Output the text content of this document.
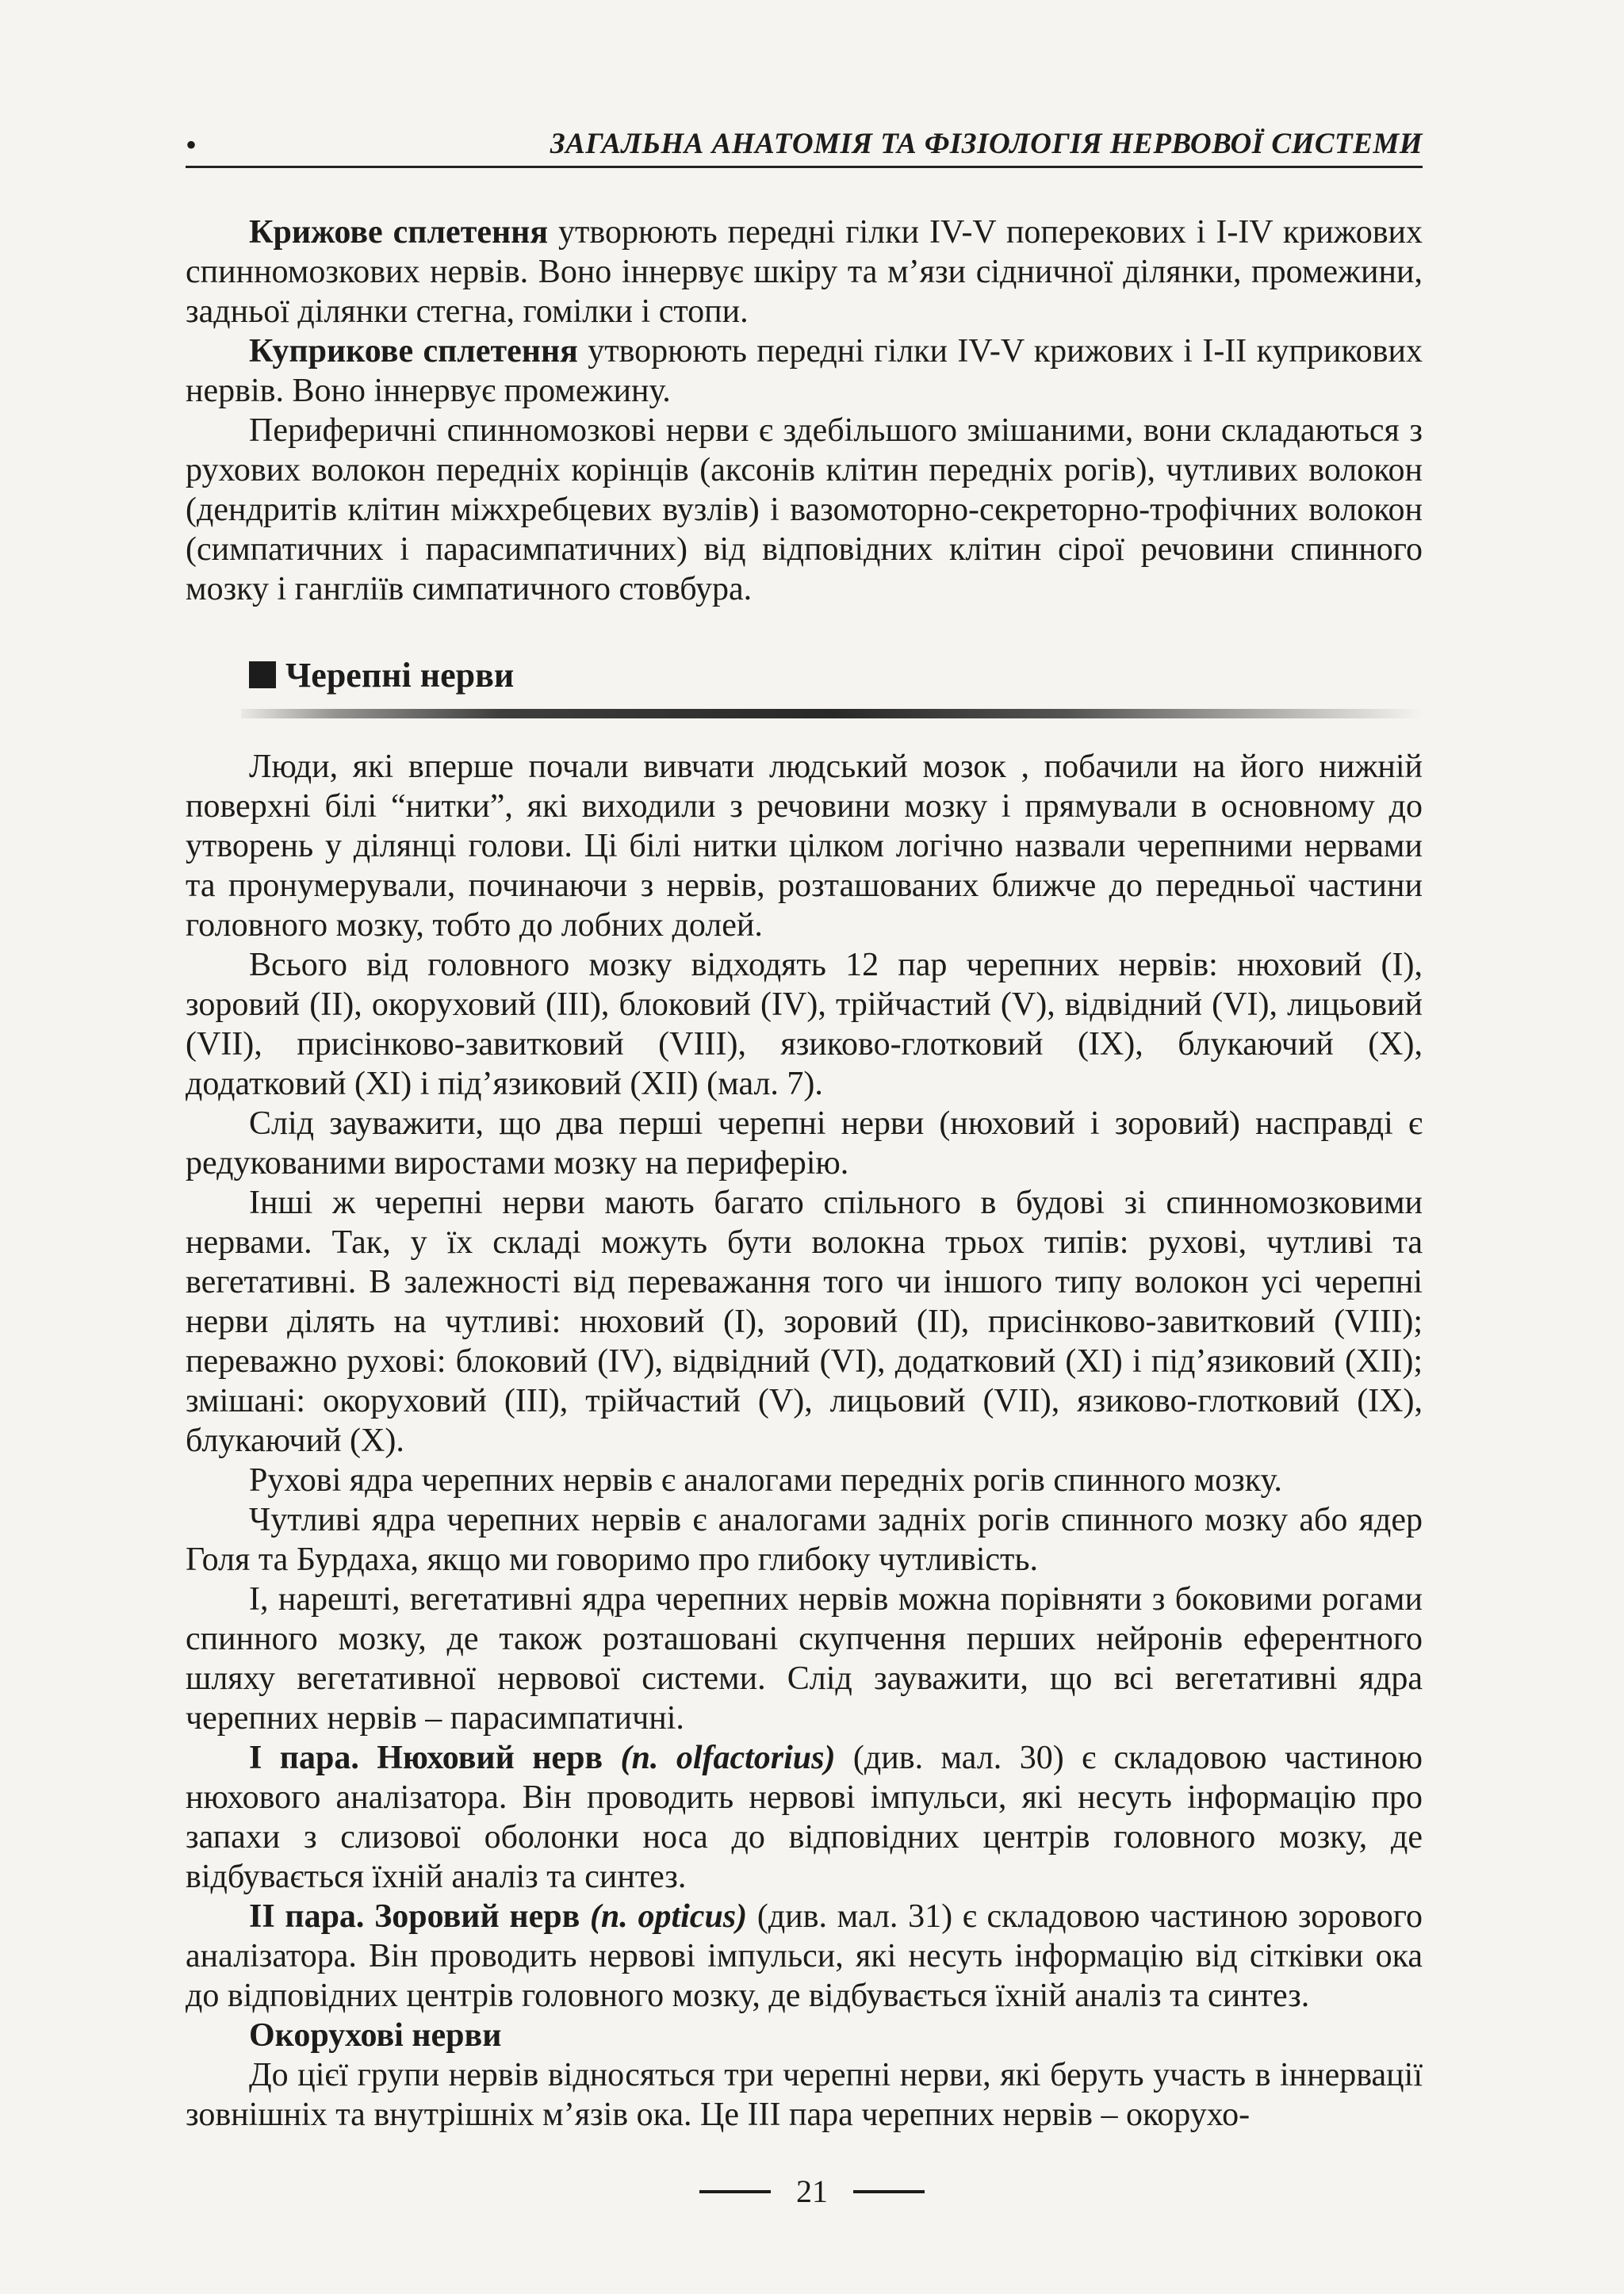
•	ЗАГАЛЬНА АНАТОМІЯ ТА ФІЗІОЛОГІЯ НЕРВОВОЇ СИСТЕМИ

Крижове сплетення утворюють передні гілки IV-V поперекових і I-IV крижових спинномозкових нервів. Воно іннервує шкіру та м’язи сідничної ділянки, промежини, задньої ділянки стегна, гомілки і стопи.

Куприкове сплетення утворюють передні гілки IV-V крижових і I-II куприкових нервів. Воно іннервує промежину.

Периферичні спинномозкові нерви є здебільшого змішаними, вони складаються з рухових волокон передніх корінців (аксонів клітин передніх рогів), чутливих волокон (дендритів клітин міжхребцевих вузлів) і вазомоторно-секреторно-трофічних волокон (симпатичних і парасимпатичних) від відповідних клітин сірої речовини спинного мозку і гангліїв симпатичного стовбура.

Черепні нерви

Люди, які вперше почали вивчати людський мозок , побачили на його нижній поверхні білі “нитки”, які виходили з речовини мозку і прямували в основному до утворень у ділянці голови. Ці білі нитки цілком логічно назвали черепними нервами та пронумерували, починаючи з нервів, розташованих ближче до передньої частини головного мозку, тобто до лобних долей.

Всього від головного мозку відходять 12 пар черепних нервів: нюховий (I), зоровий (II), окоруховий (III), блоковий (IV), трійчастий (V), відвідний (VI), лицьовий (VII), присінково-завитковий (VIII), язиково-глотковий (IX), блукаючий (X), додатковий (XI) і під’язиковий (XII) (мал. 7).

Слід зауважити, що два перші черепні нерви (нюховий і зоровий) насправді є редукованими виростами мозку на периферію.

Інші ж черепні нерви мають багато спільного в будові зі спинномозковими нервами. Так, у їх складі можуть бути волокна трьох типів: рухові, чутливі та вегетативні. В залежності від переважання того чи іншого типу волокон усі черепні нерви ділять на чутливі: нюховий (I), зоровий (II), присінково-завитковий (VIII); переважно рухові: блоковий (IV), відвідний (VI), додатковий (XI) і під’язиковий (XII); змішані: окоруховий (III), трійчастий (V), лицьовий (VII), язиково-глотковий (IX), блукаючий (X).

Рухові ядра черепних нервів є аналогами передніх рогів спинного мозку.

Чутливі ядра черепних нервів є аналогами задніх рогів спинного мозку або ядер Голя та Бурдаха, якщо ми говоримо про глибоку чутливість.

І, нарешті, вегетативні ядра черепних нервів можна порівняти з боковими рогами спинного мозку, де також розташовані скупчення перших нейронів еферентного шляху вегетативної нервової системи. Слід зауважити, що всі вегетативні ядра черепних нервів – парасимпатичні.

I пара. Нюховий нерв (n. olfactorius) (див. мал. 30) є складовою частиною нюхового аналізатора. Він проводить нервові імпульси, які несуть інформацію про запахи з слизової оболонки носа до відповідних центрів головного мозку, де відбувається їхній аналіз та синтез.

II пара. Зоровий нерв (n. opticus) (див. мал. 31) є складовою частиною зорового аналізатора. Він проводить нервові імпульси, які несуть інформацію від сітківки ока до відповідних центрів головного мозку, де відбувається їхній аналіз та синтез.

Окорухові нерви

До цієї групи нервів відносяться три черепні нерви, які беруть участь в іннервації зовнішніх та внутрішніх м’язів ока. Це III пара черепних нервів – окорухо-

21
